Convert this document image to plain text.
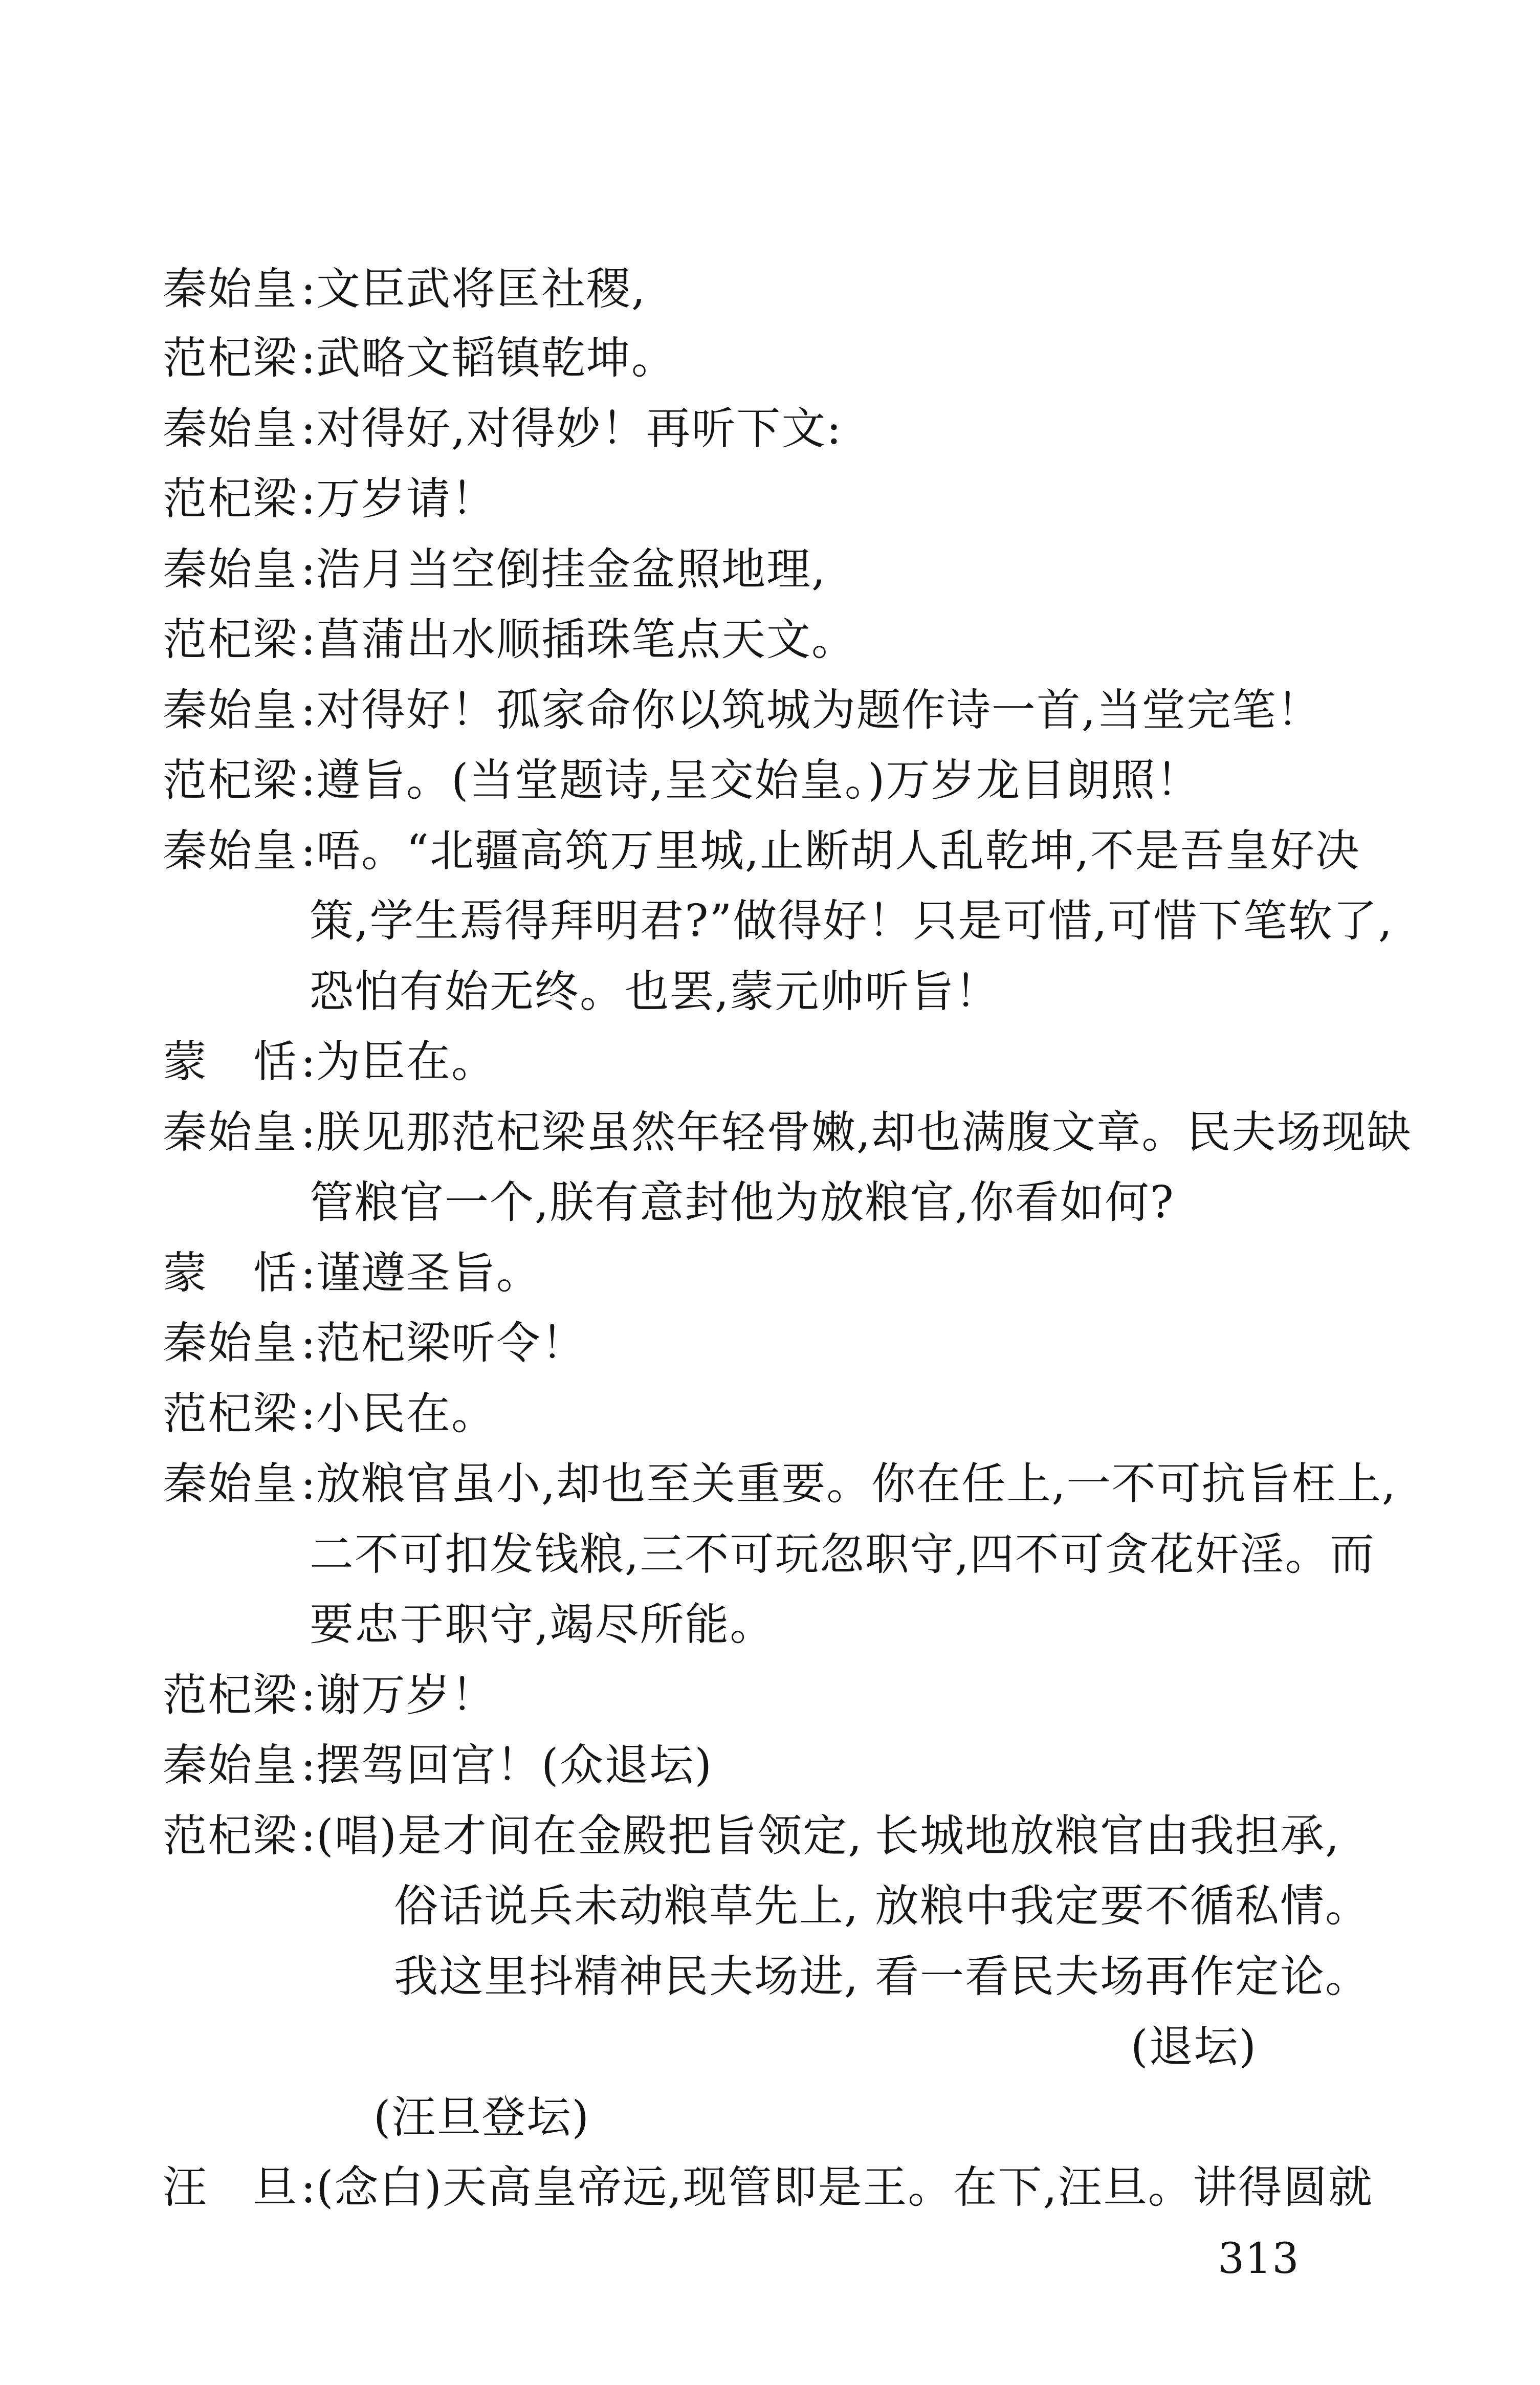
秦始皇:文臣武将匡社稷,
范杞梁:武略文韬镇乾坤。
秦始皇:对得好,对得妙！再听下文:
范杞梁:万岁请！
秦始皇:浩月当空倒挂金盆照地理,
范杞梁:菖蒲出水顺插珠笔点天文。
秦始皇:对得好！孤家命你以筑城为题作诗一首,当堂完笔！
范杞梁:遵旨。(当堂题诗,呈交始皇。)万岁龙目朗照！
秦始皇:唔。“北疆高筑万里城,止断胡人乱乾坤,不是吾皇好决
策,学生焉得拜明君?”做得好！只是可惜,可惜下笔软了,
恐怕有始无终。也罢,蒙元帅听旨！
蒙　恬:为臣在。
秦始皇:朕见那范杞梁虽然年轻骨嫩,却也满腹文章。民夫场现缺
管粮官一个,朕有意封他为放粮官,你看如何?
蒙　恬:谨遵圣旨。
秦始皇:范杞梁听令！
范杞梁:小民在。
秦始皇:放粮官虽小,却也至关重要。你在任上,一不可抗旨枉上,
二不可扣发钱粮,三不可玩忽职守,四不可贪花奸淫。而
要忠于职守,竭尽所能。
范杞梁:谢万岁！
秦始皇:摆驾回宫！(众退坛)
范杞梁:(唱)是才间在金殿把旨领定, 长城地放粮官由我担承,
俗话说兵未动粮草先上, 放粮中我定要不循私情。
我这里抖精神民夫场进, 看一看民夫场再作定论。
(退坛)
(汪旦登坛)
汪　旦:(念白)天高皇帝远,现管即是王。在下,汪旦。讲得圆就
313
